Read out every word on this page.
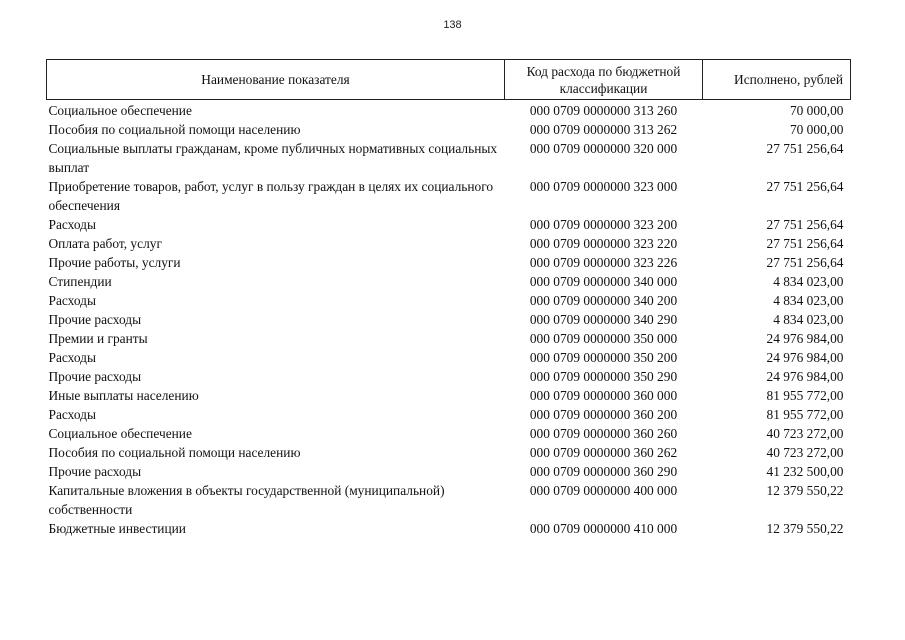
138
Наименование показателя	Код расхода по бюджетной классификации	Исполнено, рублей
Социальное обеспечение	000 0709 0000000 313 260	70 000,00
Пособия по социальной помощи населению	000 0709 0000000 313 262	70 000,00
Социальные выплаты гражданам, кроме публичных нормативных социальных выплат	000 0709 0000000 320 000	27 751 256,64
Приобретение товаров, работ, услуг в пользу граждан в целях их социального обеспечения	000 0709 0000000 323 000	27 751 256,64
Расходы	000 0709 0000000 323 200	27 751 256,64
Оплата работ, услуг	000 0709 0000000 323 220	27 751 256,64
Прочие работы, услуги	000 0709 0000000 323 226	27 751 256,64
Стипендии	000 0709 0000000 340 000	4 834 023,00
Расходы	000 0709 0000000 340 200	4 834 023,00
Прочие расходы	000 0709 0000000 340 290	4 834 023,00
Премии и гранты	000 0709 0000000 350 000	24 976 984,00
Расходы	000 0709 0000000 350 200	24 976 984,00
Прочие расходы	000 0709 0000000 350 290	24 976 984,00
Иные выплаты населению	000 0709 0000000 360 000	81 955 772,00
Расходы	000 0709 0000000 360 200	81 955 772,00
Социальное обеспечение	000 0709 0000000 360 260	40 723 272,00
Пособия по социальной помощи населению	000 0709 0000000 360 262	40 723 272,00
Прочие расходы	000 0709 0000000 360 290	41 232 500,00
Капитальные вложения в объекты государственной (муниципальной) собственности	000 0709 0000000 400 000	12 379 550,22
Бюджетные инвестиции	000 0709 0000000 410 000	12 379 550,22
